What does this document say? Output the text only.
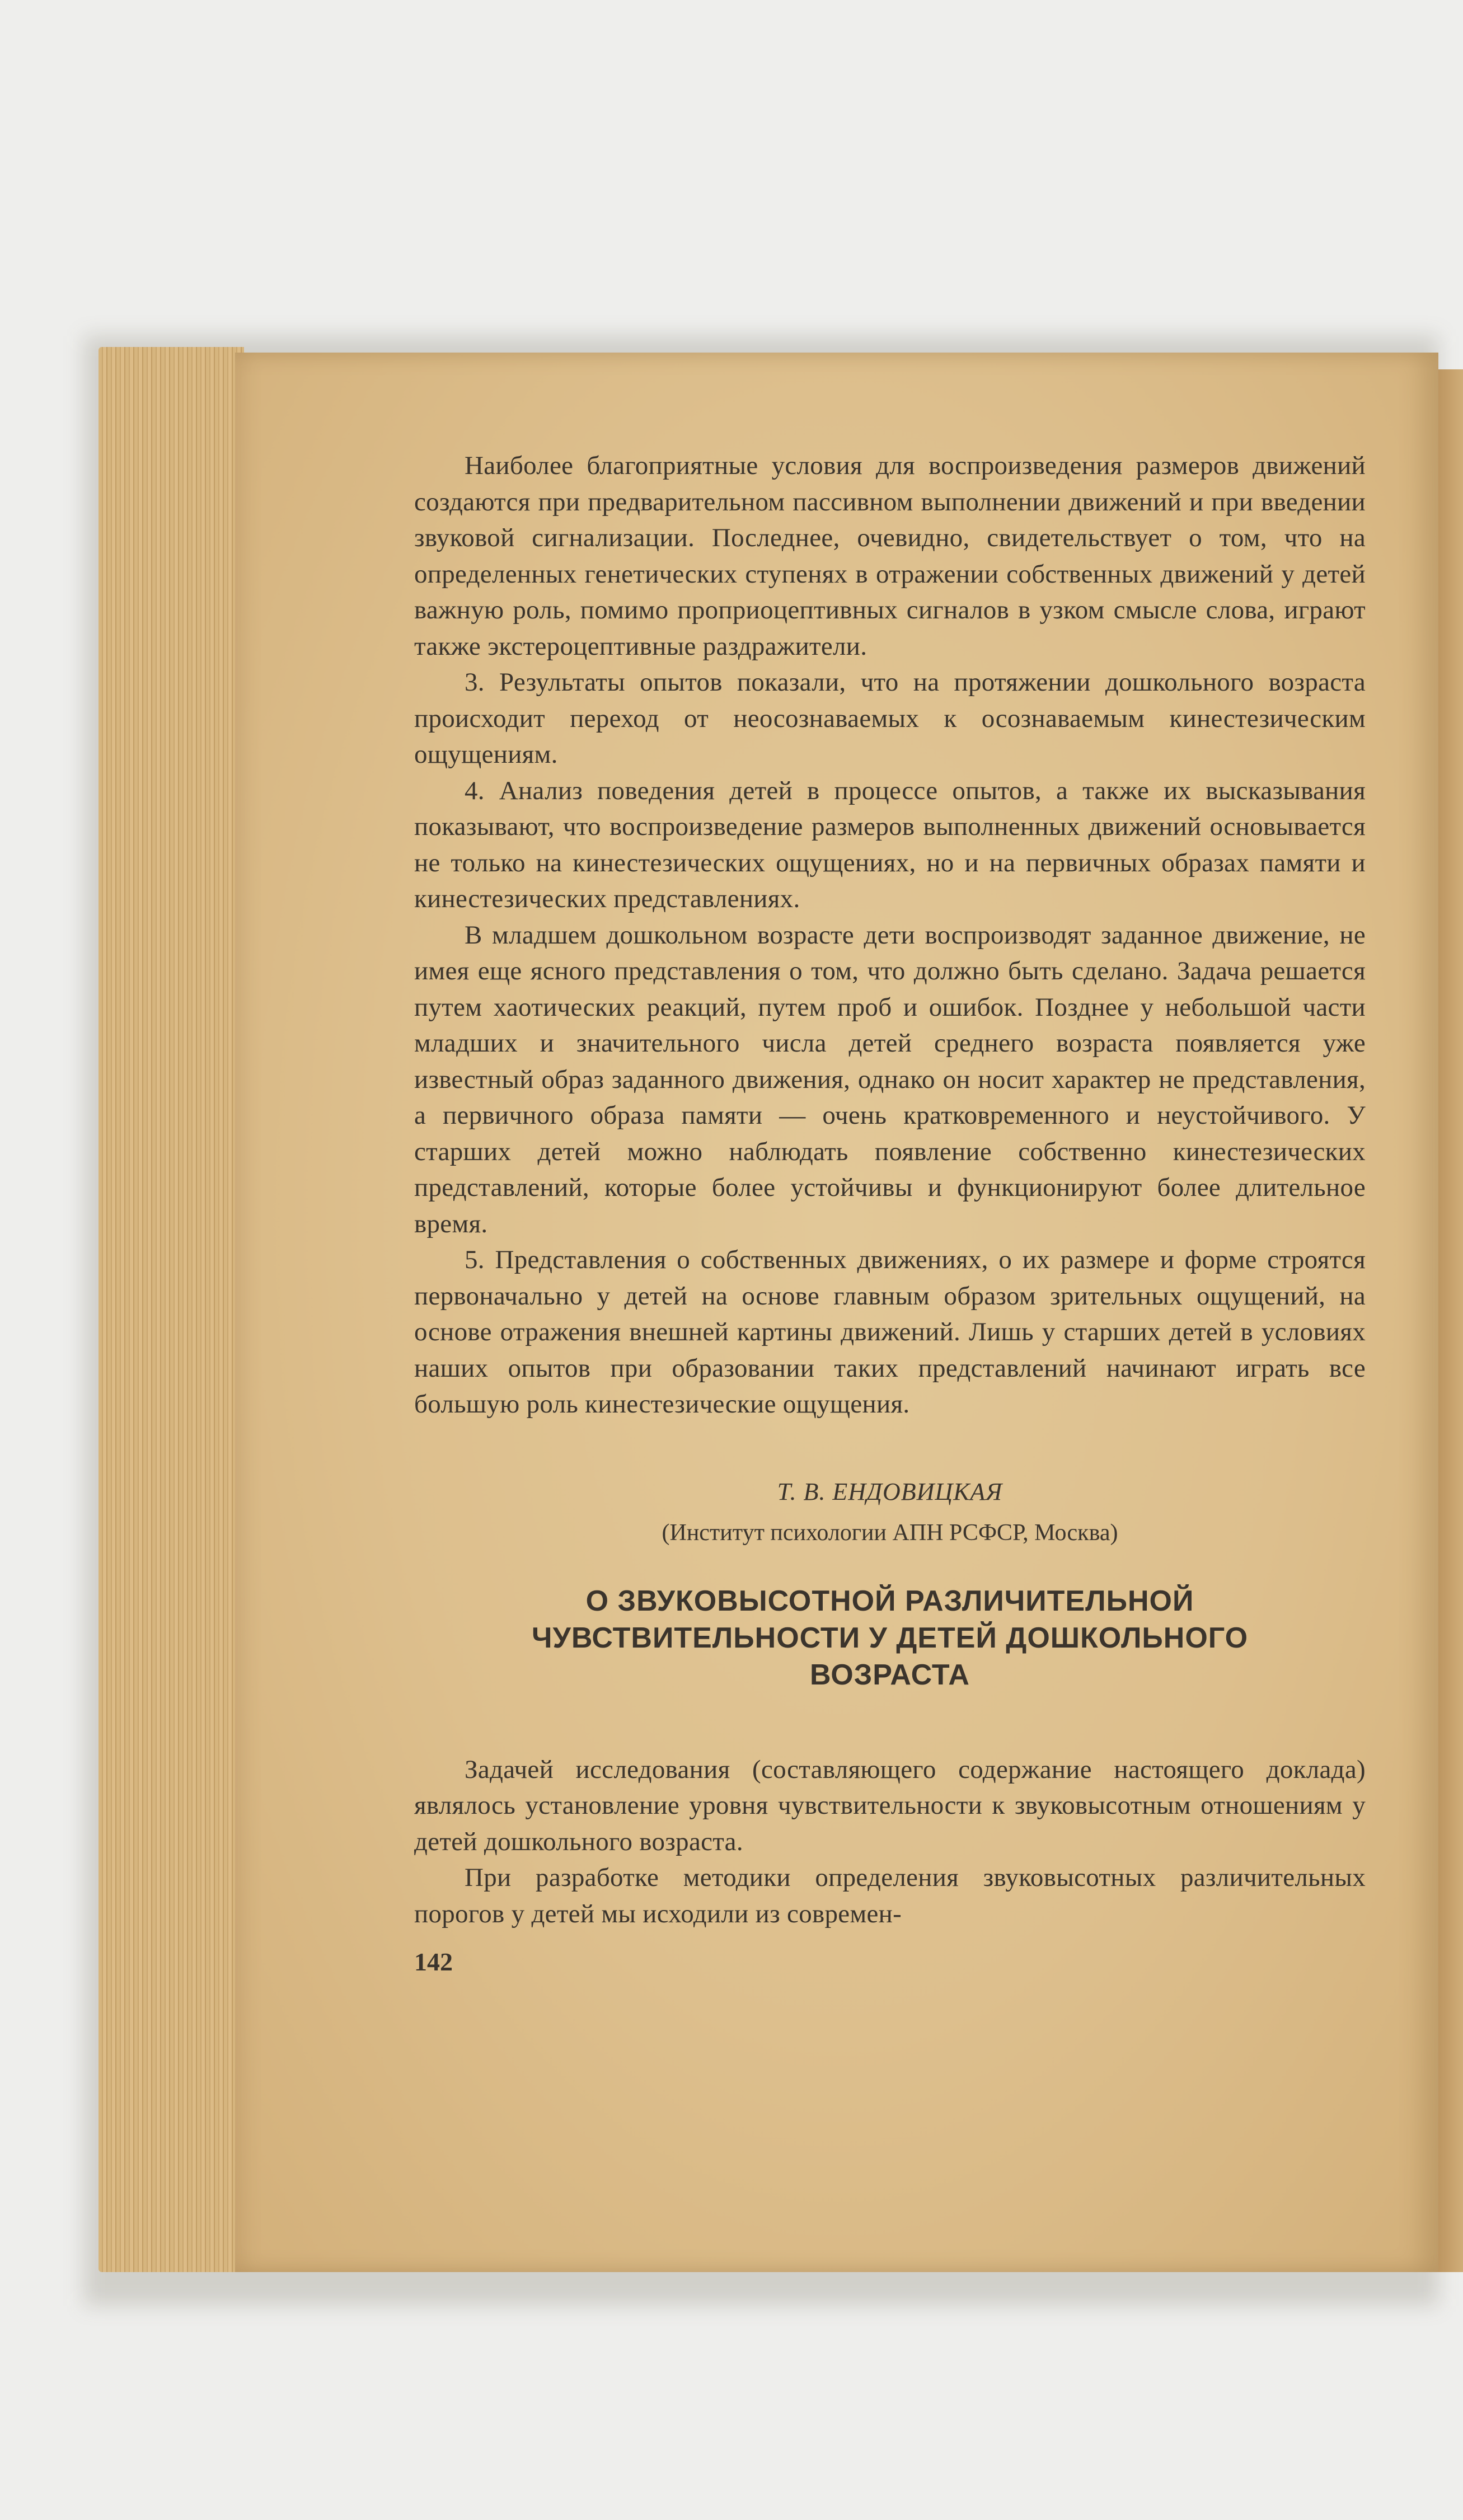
Наиболее благоприятные условия для воспроизведения размеров движений создаются при предварительном пассивном выполнении движений и при введении звуковой сигнализации. Последнее, очевидно, свидетельствует о том, что на определенных генетических ступенях в отражении собственных движений у детей важную роль, помимо проприоцептивных сигналов в узком смысле слова, играют также экстероцептивные раздражители.

3. Результаты опытов показали, что на протяжении дошкольного возраста происходит переход от неосознаваемых к осознаваемым кинестезическим ощущениям.

4. Анализ поведения детей в процессе опытов, а также их высказывания показывают, что воспроизведение размеров выполненных движений основывается не только на кинестезических ощущениях, но и на первичных образах памяти и кинестезических представлениях.

В младшем дошкольном возрасте дети воспроизводят заданное движение, не имея еще ясного представления о том, что должно быть сделано. Задача решается путем хаотических реакций, путем проб и ошибок. Позднее у небольшой части младших и значительного числа детей среднего возраста появляется уже известный образ заданного движения, однако он носит характер не представления, а первичного образа памяти — очень кратковременного и неустойчивого. У старших детей можно наблюдать появление собственно кинестезических представлений, которые более устойчивы и функционируют более длительное время.

5. Представления о собственных движениях, о их размере и форме строятся первоначально у детей на основе главным образом зрительных ощущений, на основе отражения внешней картины движений. Лишь у старших детей в условиях наших опытов при образовании таких представлений начинают играть все большую роль кинестезические ощущения.

Т. В. ЕНДОВИЦКАЯ

(Институт психологии АПН РСФСР, Москва)

О ЗВУКОВЫСОТНОЙ РАЗЛИЧИТЕЛЬНОЙ
ЧУВСТВИТЕЛЬНОСТИ У ДЕТЕЙ ДОШКОЛЬНОГО
ВОЗРАСТА

Задачей исследования (составляющего содержание настоящего доклада) являлось установление уровня чувствительности к звуковысотным отношениям у детей дошкольного возраста.

При разработке методики определения звуковысотных различительных порогов у детей мы исходили из современ-

142
